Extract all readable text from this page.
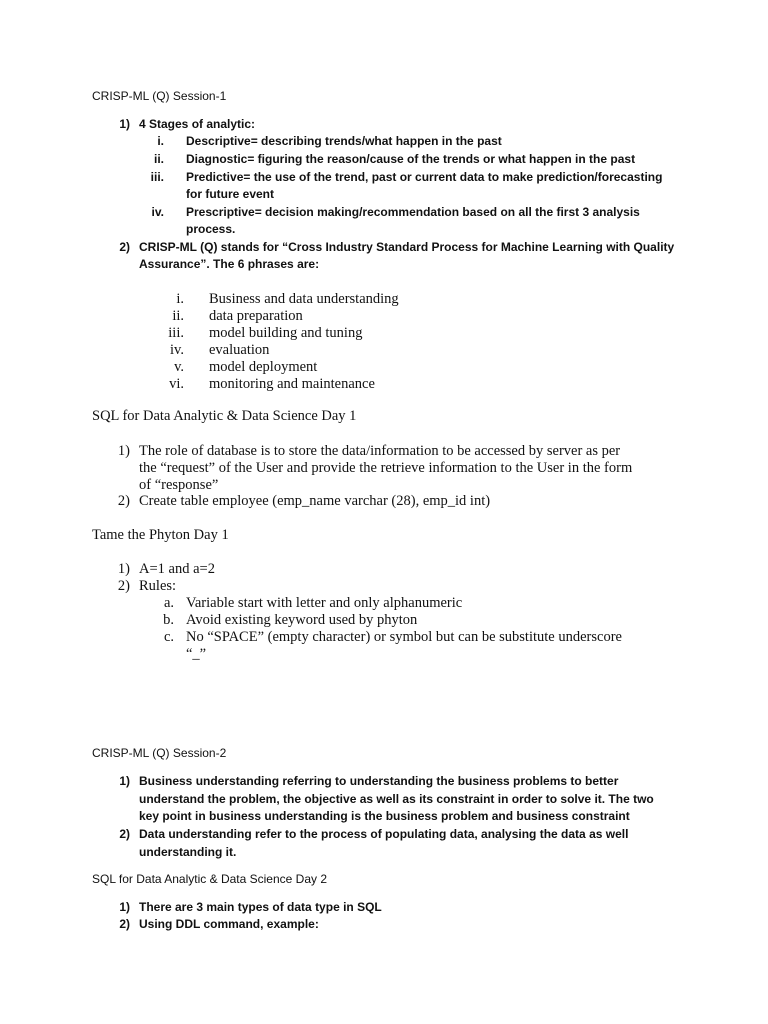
CRISP-ML (Q) Session-1
1) 4 Stages of analytic:
i. Descriptive= describing trends/what happen in the past
ii. Diagnostic= figuring the reason/cause of the trends or what happen in the past
iii. Predictive= the use of the trend, past or current data to make prediction/forecasting
for future event
iv. Prescriptive= decision making/recommendation based on all the first 3 analysis
process.
2) CRISP-ML (Q) stands for “Cross Industry Standard Process for Machine Learning with Quality
Assurance”. The 6 phrases are:
i. Business and data understanding
ii. data preparation
iii. model building and tuning
iv. evaluation
v. model deployment
vi. monitoring and maintenance
SQL for Data Analytic & Data Science Day 1
1) The role of database is to store the data/information to be accessed by server as per
the “request” of the User and provide the retrieve information to the User in the form
of “response”
2) Create table employee (emp_name varchar (28), emp_id int)
Tame the Phyton Day 1
1) A=1 and a=2
2) Rules:
a. Variable start with letter and only alphanumeric
b. Avoid existing keyword used by phyton
c. No “SPACE” (empty character) or symbol but can be substitute underscore
“_”
CRISP-ML (Q) Session-2
1) Business understanding referring to understanding the business problems to better
understand the problem, the objective as well as its constraint in order to solve it. The two
key point in business understanding is the business problem and business constraint
2) Data understanding refer to the process of populating data, analysing the data as well
understanding it.
SQL for Data Analytic & Data Science Day 2
1) There are 3 main types of data type in SQL
2) Using DDL command, example:
